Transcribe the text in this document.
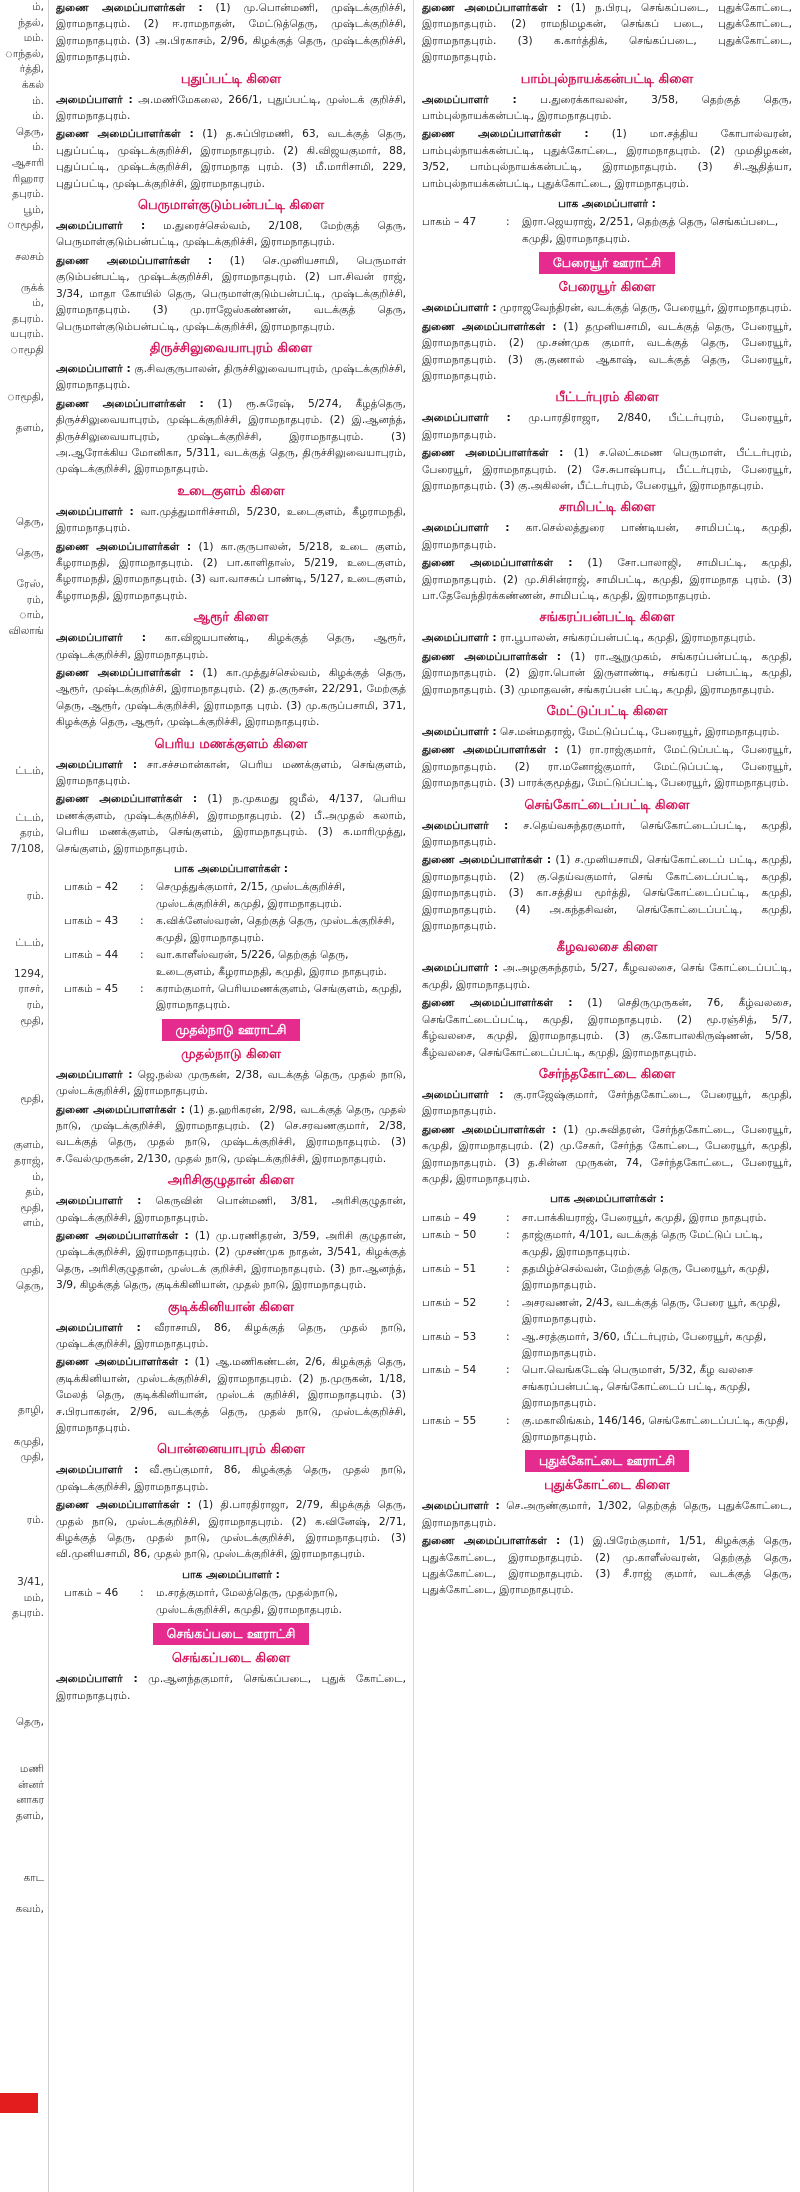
ம்,
ந்தல்,
மம்.
ாந்தல்,
ர்த்தி,
க்கல்
ம்.
ம்.
தெரு,
ம்.
ஆசாரி
ரிஹார
தபுரம்.
பூம்,
ாமூதி,

சலசம்

ருக்க்
ம்,
தபுரம்.
யபுரம்.
ாமூதி

ாமூதி,

தளம்,

தெரு,

தெரு,

ரேஸ்,
ரம்,
ாம்,
விலாங்

ட்டம்,

ட்டம்,
தரம்,
7/108,

ரம்.

ட்டம்,

1294,
ராசர்,
ரம்,
மூதி,

மூதி,

குளம்,
தராஜ்,
ம்,
தம்,
மூதி,
ளம்,

முதி,
தெரு,

தாழி,

கமுதி,
முதி,

ரம்.

3/41,
மம்,
தபுரம்.

தெரு,

மணி
ன்னர்
னாகர
தளம்,

காட

கவம்,

துணை அமைப்பாளர்கள் : (1) மு.பொன்மணி, முஷ்டக்குறிச்சி, இராமநாதபுரம். (2) ஈ.ராமநாதன், மேட்டுத்தெரு, முஷ்டக்குறிச்சி, இராமநாதபுரம். (3) அ.பிரகாசம், 2/96, கிழக்குத் தெரு, முஷ்டக்குறிச்சி, இராமநாதபுரம்.

புதுப்பட்டி கிளை

அமைப்பாளர் : அ.மணிமேகலை, 266/1, புதுப்பட்டி, முஸ்டக் குறிச்சி, இராமநாதபுரம்.

துணை அமைப்பாளர்கள் : (1) த.சுப்பிரமணி, 63, வடக்குத் தெரு, புதுப்பட்டி, முஷ்டக்குறிச்சி, இராமநாதபுரம். (2) கி.விஜயகுமார், 88, புதுப்பட்டி, முஷ்டக்குறிச்சி, இராமநாத புரம். (3) மீ.மாரிசாமி, 229, புதுப்பட்டி, முஷ்டக்குறிச்சி, இராமநாதபுரம்.

பெருமாள்குடும்பன்பட்டி கிளை

அமைப்பாளர் : ம.துரைச்செல்வம், 2/108, மேற்குத் தெரு, பெருமாள்குடும்பன்பட்டி, முஷ்டக்குறிச்சி, இராமநாதபுரம்.

துணை அமைப்பாளர்கள் : (1) செ.முனியசாமி, பெருமாள் குடும்பன்பட்டி, முஷ்டக்குறிச்சி, இராமநாதபுரம். (2) பா.சிவன் ராஜ், 3/34, மாதா கோயில் தெரு, பெருமாள்குடும்பன்பட்டி, முஷ்டக்குறிச்சி, இராமநாதபுரம். (3) மு.ராஜேஸ்கண்ணன், வடக்குத் தெரு, பெருமாள்குடும்பன்பட்டி, முஷ்டக்குறிச்சி, இராமநாதபுரம்.

திருச்சிலுவையாபுரம் கிளை

அமைப்பாளர் : கு.சிவகுருபாலன், திருச்சிலுவையாபுரம், முஷ்டக்குறிச்சி, இராமநாதபுரம்.

துணை அமைப்பாளர்கள் : (1) ரூ.சுரேஷ், 5/274, கீழத்தெரு, திருச்சிலுவையாபுரம், முஷ்டக்குறிச்சி, இராமநாதபுரம். (2) இ.ஆனந்த், திருச்சிலுவையாபுரம், முஷ்டக்குறிச்சி, இராமநாதபுரம். (3) அ.ஆரோக்கிய மோனிகா, 5/311, வடக்குத் தெரு, திருச்சிலுவையாபுரம், முஷ்டக்குறிச்சி, இராமநாதபுரம்.

உடைகுளம் கிளை

அமைப்பாளர் : வா.முத்துமாரிச்சாமி, 5/230, உடைகுளம், கீழராமநதி, இராமநாதபுரம்.

துணை அமைப்பாளர்கள் : (1) கா.குருபாலன், 5/218, உடை குளம், கீழராமநதி, இராமநாதபுரம். (2) பா.காளிதாஸ், 5/219, உடைகுளம், கீழராமநதி, இராமநாதபுரம். (3) வா.வாசகப் பாண்டி, 5/127, உடைகுளம், கீழராமநதி, இராமநாதபுரம்.

ஆரூர் கிளை

அமைப்பாளர் : கா.விஜயபாண்டி, கிழக்குத் தெரு, ஆரூர், முஷ்டக்குறிச்சி, இராமநாதபுரம்.

துணை அமைப்பாளர்கள் : (1) கா.முத்துச்செல்வம், கிழக்குத் தெரு, ஆரூர், முஷ்டக்குறிச்சி, இராமநாதபுரம். (2) த.குருசன், 22/291, மேற்குத் தெரு, ஆரூர், முஷ்டக்குறிச்சி, இராமநாத புரம். (3) மு.கருப்பசாமி, 371, கிழக்குத் தெரு, ஆரூர், முஷ்டக்குறிச்சி, இராமநாதபுரம்.

பெரிய மணக்குளம் கிளை

அமைப்பாளர் : சா.சச்சமான்கான், பெரிய மணக்குளம், செங்குளம், இராமநாதபுரம்.

துணை அமைப்பாளர்கள் : (1) ந.முகமது ஜமீல், 4/137, பெரிய மணக்குளம், முஷ்டக்குறிச்சி, இராமநாதபுரம். (2) பீ.அமுதல் கலாம், பெரிய மணக்குளம், செங்குளம், இராமநாதபுரம். (3) க.மாரிமுத்து, செங்குளம், இராமநாதபுரம்.

பாக அமைப்பாளர்கள் :
பாகம் – 42	:	செமுத்துக்குமார், 2/15, முஸ்டக்குறிச்சி, முஸ்டக்குறிச்சி, கமுதி, இராமநாதபுரம்.
பாகம் – 43	:	க.விக்னேஸ்வரன், தெற்குத் தெரு, முஸ்டக்குறிச்சி, கமுதி, இராமநாதபுரம்.
பாகம் – 44	:	வா.காளீஸ்வரன், 5/226, தெற்குத் தெரு, உடைகுளம், கீழராமநதி, கமுதி, இராம நாதபுரம்.
பாகம் – 45	:	கராம்குமார், பெரியமணக்குளம், செங்குளம், கமுதி, இராமநாதபுரம்.
முதல்நாடு ஊராட்சி
முதல்நாடு கிளை

அமைப்பாளர் : ஜெ.நல்ல முருகன், 2/38, வடக்குத் தெரு, முதல் நாடு, முஸ்டக்குறிச்சி, இராமநாதபுரம்.

துணை அமைப்பாளர்கள் : (1) த.ஹரிகரன், 2/98, வடக்குத் தெரு, முதல் நாடு, முஷ்டக்குறிச்சி, இராமநாதபுரம். (2) செ.சரவணகுமார், 2/38, வடக்குத் தெரு, முதல் நாடு, முஷ்டக்குறிச்சி, இராமநாதபுரம். (3) ச.வேல்முருகன், 2/130, முதல் நாடு, முஷ்டக்குறிச்சி, இராமநாதபுரம்.

அரிசிகுழுதான் கிளை

அமைப்பாளர் : கெருவின் பொன்மணி, 3/81, அரிசிகுழுதான், முஷ்டக்குறிச்சி, இராமநாதபுரம்.

துணை அமைப்பாளர்கள் : (1) மு.பரணிதரன், 3/59, அரிசி குழுதான், முஷ்டக்குறிச்சி, இராமநாதபுரம். (2) முசண்முக நாதன், 3/541, கிழக்குத் தெரு, அரிசிகுழுதான், முஸ்டக் குறிச்சி, இராமநாதபுரம். (3) நா.ஆனந்த், 3/9, கிழக்குத் தெரு, குடிக்கினியான், முதல் நாடு, இராமநாதபுரம்.

குடிக்கினியான் கிளை

அமைப்பாளர் : வீராசாமி, 86, கிழக்குத் தெரு, முதல் நாடு, முஷ்டக்குறிச்சி, இராமநாதபுரம்.

துணை அமைப்பாளர்கள் : (1) ஆ.மணிகண்டன், 2/6, கிழக்குத் தெரு, குடிக்கினியான், முஸ்டக்குறிச்சி, இராமநாதபுரம். (2) ந.முருகன், 1/18, மேலத் தெரு, குடிக்கினியான், முஸ்டக் குறிச்சி, இராமநாதபுரம். (3) ச.பிரபாகரன், 2/96, வடக்குத் தெரு, முதல் நாடு, முஸ்டக்குறிச்சி, இராமநாதபுரம்.

பொன்னையாபுரம் கிளை

அமைப்பாளர் : வீ.ரூப்குமார், 86, கிழக்குத் தெரு, முதல் நாடு, முஷ்டக்குறிச்சி, இராமநாதபுரம்.

துணை அமைப்பாளர்கள் : (1) தி.பாரதிராஜா, 2/79, கிழக்குத் தெரு, முதல் நாடு, முஸ்டக்குறிச்சி, இராமநாதபுரம். (2) க.வினேஷ், 2/71, கிழக்குத் தெரு, முதல் நாடு, முஸ்டக்குறிச்சி, இராமநாதபுரம். (3) வி.முனியசாமி, 86, முதல் நாடு, முஸ்டக்குறிச்சி, இராமநாதபுரம்.

பாக அமைப்பாளர் :
பாகம் – 46	:	ம.சரத்குமார், மேலத்தெரு, முதல்நாடு, முஸ்டக்குறிச்சி, கமுதி, இராமநாதபுரம்.
செங்கப்படை ஊராட்சி
செங்கப்படை கிளை

அமைப்பாளர் : மு.ஆனந்தகுமார், செங்கப்படை, புதுக் கோட்டை, இராமநாதபுரம்.

துணை அமைப்பாளர்கள் : (1) ந.பிரபு, செங்கப்படை, புதுக்கோட்டை, இராமநாதபுரம். (2) ராமநிமழகன், செங்கப் படை, புதுக்கோட்டை, இராமநாதபுரம். (3) க.கார்த்திக், செங்கப்படை, புதுக்கோட்டை, இராமநாதபுரம்.

பாம்புல்நாயக்கன்பட்டி கிளை

அமைப்பாளர் : ப.துரைக்காவலன், 3/58, தெற்குத் தெரு, பாம்புல்நாயக்கன்பட்டி, இராமநாதபுரம்.

துணை அமைப்பாளர்கள் : (1) மா.சத்திய கோபால்வரன், பாம்புல்நாயக்கன்பட்டி, புதுக்கோட்டை, இராமநாதபுரம். (2) முமதிழகன், 3/52, பாம்புல்நாயக்கன்பட்டி, இராமநாதபுரம். (3) சி.ஆதித்யா, பாம்புல்நாயக்கன்பட்டி, புதுக்கோட்டை, இராமநாதபுரம்.

பாக அமைப்பாளர் :
பாகம் – 47	:	இரா.ஜெயராஜ், 2/251, தெற்குத் தெரு, செங்கப்படை, கமுதி, இராமநாதபுரம்.
பேரையூர் ஊராட்சி
பேரையூர் கிளை

அமைப்பாளர் : முராஜவேந்திரன், வடக்குத் தெரு, பேரையூர், இராமநாதபுரம்.

துணை அமைப்பாளர்கள் : (1) தமுனியசாமி, வடக்குத் தெரு, பேரையூர், இராமநாதபுரம். (2) மு.சண்முக குமார், வடக்குத் தெரு, பேரையூர், இராமநாதபுரம். (3) கு.குணால் ஆகாஷ், வடக்குத் தெரு, பேரையூர், இராமநாதபுரம்.

பீட்டர்புரம் கிளை

அமைப்பாளர் : மு.பாரதிராஜா, 2/840, பீட்டர்புரம், பேரையூர், இராமநாதபுரம்.

துணை அமைப்பாளர்கள் : (1) ச.லெட்சுமண பெருமாள், பீட்டர்புரம், பேரையூர், இராமநாதபுரம். (2) சே.சுபாஷ்பாபு, பீட்டர்புரம், பேரையூர், இராமநாதபுரம். (3) கு.அகிலன், பீட்டர்புரம், பேரையூர், இராமநாதபுரம்.

சாமிபட்டி கிளை

அமைப்பாளர் : கா.செல்லத்துரை பாண்டியன், சாமிபட்டி, கமுதி, இராமநாதபுரம்.

துணை அமைப்பாளர்கள் : (1) சோ.பாலாஜி, சாமிபட்டி, கமுதி, இராமநாதபுரம். (2) மு.சிசின்ராஜ், சாமிபட்டி, கமுதி, இராமநாத புரம். (3) பா.தேவேந்திரக்கண்ணன், சாமிபட்டி, கமுதி, இராமநாதபுரம்.

சங்கரப்பன்பட்டி கிளை

அமைப்பாளர் : ரா.பூபாலன், சங்கரப்பன்பட்டி, கமுதி, இராமநாதபுரம்.

துணை அமைப்பாளர்கள் : (1) ரா.ஆறுமுகம், சங்கரப்பன்பட்டி, கமுதி, இராமநாதபுரம். (2) இரா.பொன் இருளாண்டி, சங்கரப் பன்பட்டி, கமுதி, இராமநாதபுரம். (3) முமாதவன், சங்கரப்பன் பட்டி, கமுதி, இராமநாதபுரம்.

மேட்டுப்பட்டி கிளை

அமைப்பாளர் : செ.மன்மதராஜ், மேட்டுப்பட்டி, பேரையூர், இராமநாதபுரம்.

துணை அமைப்பாளர்கள் : (1) ரா.ராஜ்குமார், மேட்டுப்பட்டி, பேரையூர், இராமநாதபுரம். (2) ரா.மனோஜ்குமார், மேட்டுப்பட்டி, பேரையூர், இராமநாதபுரம். (3) பாரக்குமூத்து, மேட்டுப்பட்டி, பேரையூர், இராமநாதபுரம்.

செங்கோட்டைப்பட்டி கிளை

அமைப்பாளர் : ச.தெய்வசுந்தரகுமார், செங்கோட்டைப்பட்டி, கமுதி, இராமநாதபுரம்.

துணை அமைப்பாளர்கள் : (1) ச.முனியசாமி, செங்கோட்டைப் பட்டி, கமுதி, இராமநாதபுரம். (2) கு.தெய்வகுமார், செங் கோட்டைப்பட்டி, கமுதி, இராமநாதபுரம். (3) கா.சத்திய மூர்த்தி, செங்கோட்டைப்பட்டி, கமுதி, இராமநாதபுரம். (4) அ.கந்தசிவன், செங்கோட்டைப்பட்டி, கமுதி, இராமநாதபுரம்.

கீழவலசை கிளை

அமைப்பாளர் : அ.அழகுசுந்தரம், 5/27, கீழவலசை, செங் கோட்டைப்பட்டி, கமுதி, இராமநாதபுரம்.

துணை அமைப்பாளர்கள் : (1) செதிருமுருகன், 76, கீழ்வலசை, செங்கோட்டைப்பட்டி, கமுதி, இராமநாதபுரம். (2) மூ.ரஞ்சித், 5/7, கீழ்வலசை, கமுதி, இராமநாதபுரம். (3) கு.கோபாலகிருஷ்ணன், 5/58, கீழ்வலசை, செங்கோட்டைப்பட்டி, கமுதி, இராமநாதபுரம்.

சேர்ந்தகோட்டை கிளை

அமைப்பாளர் : கு.ராஜேஷ்குமார், சேர்ந்தகோட்டை, பேரையூர், கமுதி, இராமநாதபுரம்.

துணை அமைப்பாளர்கள் : (1) மு.சுவிதரன், சேர்ந்தகோட்டை, பேரையூர், கமுதி, இராமநாதபுரம். (2) மு.சேகர், சேர்ந்த கோட்டை, பேரையூர், கமுதி, இராமநாதபுரம். (3) த.சின்ன முருகன், 74, சேர்ந்தகோட்டை, பேரையூர், கமுதி, இராமநாதபுரம்.

பாக அமைப்பாளர்கள் :
பாகம் – 49	:	சா.பாக்கியராஜ், பேரையூர், கமுதி, இராம நாதபுரம்.
பாகம் – 50	:	தாஜ்குமார், 4/101, வடக்குத் தெரு மேட்டுப் பட்டி, கமுதி, இராமநாதபுரம்.
பாகம் – 51	:	ததமிழ்ச்செல்வன், மேற்குத் தெரு, பேரையூர், கமுதி, இராமநாதபுரம்.
பாகம் – 52	:	அசரவணன், 2/43, வடக்குத் தெரு, பேரை யூர், கமுதி, இராமநாதபுரம்.
பாகம் – 53	:	ஆ.சரத்குமார், 3/60, பீட்டர்புரம், பேரையூர், கமுதி, இராமநாதபுரம்.
பாகம் – 54	:	பொ.வெங்கடேஷ் பெருமாள், 5/32, கீழ வலசை சங்கரப்பன்பட்டி, செங்கோட்டைப் பட்டி, கமுதி, இராமநாதபுரம்.
பாகம் – 55	:	கு.மகாலிங்கம், 146/146, செங்கோட்டைப்பட்டி, கமுதி, இராமநாதபுரம்.
புதுக்கோட்டை ஊராட்சி
புதுக்கோட்டை கிளை

அமைப்பாளர் : செ.அருண்குமார், 1/302, தெற்குத் தெரு, புதுக்கோட்டை, இராமநாதபுரம்.

துணை அமைப்பாளர்கள் : (1) இ.பிரேம்குமார், 1/51, கிழக்குத் தெரு, புதுக்கோட்டை, இராமநாதபுரம். (2) மு.காளீஸ்வரன், தெற்குத் தெரு, புதுக்கோட்டை, இராமநாதபுரம். (3) சீ.ராஜ் குமார், வடக்குத் தெரு, புதுக்கோட்டை, இராமநாதபுரம்.
